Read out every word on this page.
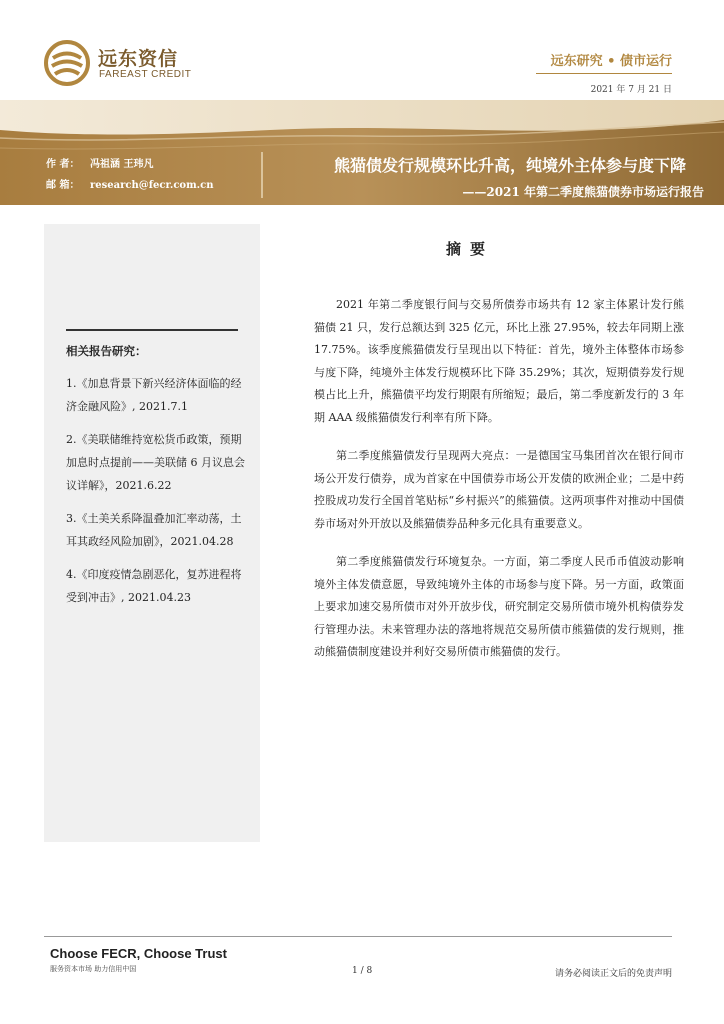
远东资信
FAREAST CREDIT
远东研究 • 债市运行
2021 年 7 月 21 日
作 者： 冯祖涵 王玮凡
邮 箱： research@fecr.com.cn
熊猫债发行规模环比升高，纯境外主体参与度下降
——2021 年第二季度熊猫债券市场运行报告
相关报告研究：
1.《加息背景下新兴经济体面临的经济金融风险》, 2021.7.1
2.《美联储维持宽松货币政策，预期加息时点提前——美联储 6 月议息会议详解》，2021.6.22
3.《土美关系降温叠加汇率动荡，土耳其政经风险加剧》，2021.04.28
4.《印度疫情急剧恶化，复苏进程将受到冲击》, 2021.04.23
摘要

2021 年第二季度银行间与交易所债券市场共有 12 家主体累计发行熊猫债 21 只，发行总额达到 325 亿元，环比上涨 27.95%，较去年同期上涨 17.75%。该季度熊猫债发行呈现出以下特征：首先，境外主体整体市场参与度下降，纯境外主体发行规模环比下降 35.29%；其次，短期债券发行规模占比上升，熊猫债平均发行期限有所缩短；最后，第二季度新发行的 3 年期 AAA 级熊猫债发行利率有所下降。

第二季度熊猫债发行呈现两大亮点：一是德国宝马集团首次在银行间市场公开发行债券，成为首家在中国债券市场公开发债的欧洲企业；二是中药控股成功发行全国首笔贴标“乡村振兴”的熊猫债。这两项事件对推动中国债券市场对外开放以及熊猫债券品种多元化具有重要意义。

第二季度熊猫债发行环境复杂。一方面，第二季度人民币币值波动影响境外主体发债意愿，导致纯境外主体的市场参与度下降。另一方面，政策面上要求加速交易所债市对外开放步伐，研究制定交易所债市境外机构债券发行管理办法。未来管理办法的落地将规范交易所债市熊猫债的发行规则，推动熊猫债制度建设并利好交易所债市熊猫债的发行。

Choose FECR, Choose Trust
服务资本市场 助力信用中国	1 / 8	请务必阅读正文后的免责声明
